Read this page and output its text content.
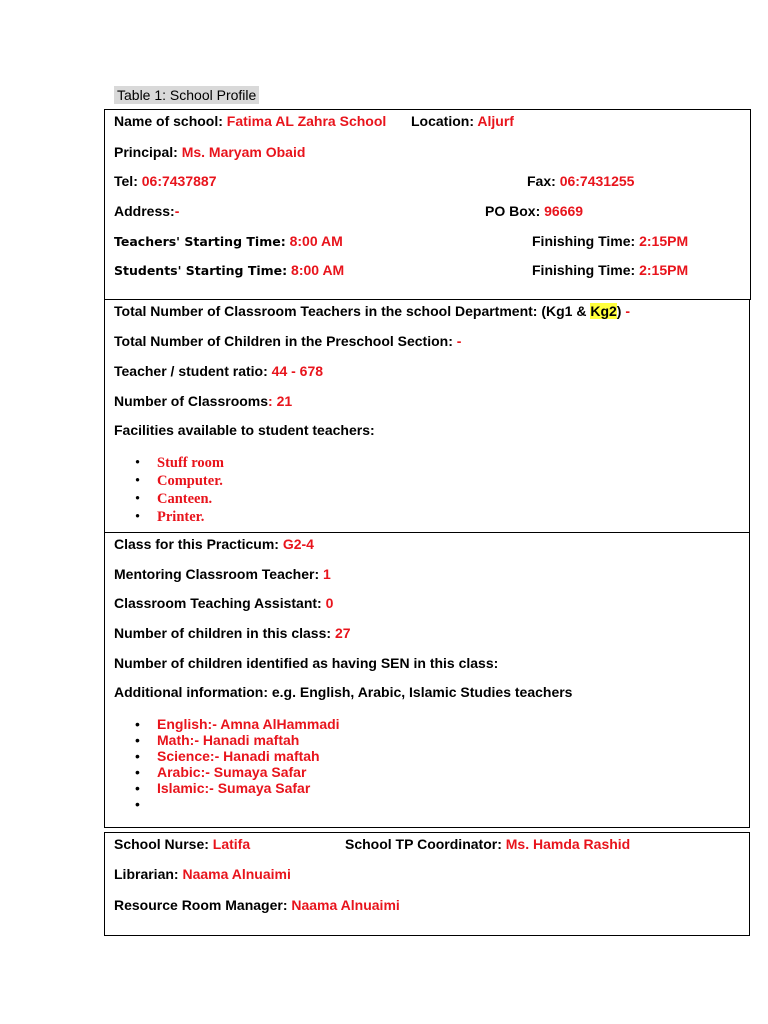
Table 1: School Profile
Name of school: Fatima AL Zahra School Location: Aljurf
Principal: Ms. Maryam Obaid
Tel: 06:7437887	Fax: 06:7431255
Address:-	PO Box: 96669
Teachers' Starting Time: 8:00 AM	Finishing Time: 2:15PM
Students' Starting Time: 8:00 AM	Finishing Time: 2:15PM
Total Number of Classroom Teachers in the school Department: (Kg1 & Kg2) -
Total Number of Children in the Preschool Section: -
Teacher / student ratio: 44 - 678
Number of Classrooms: 21
Facilities available to student teachers:
• Stuff room
• Computer.
• Canteen.
• Printer.
Class for this Practicum: G2-4
Mentoring Classroom Teacher: 1
Classroom Teaching Assistant: 0
Number of children in this class: 27
Number of children identified as having SEN in this class:
Additional information: e.g. English, Arabic, Islamic Studies teachers
• English:- Amna AlHammadi
• Math:- Hanadi maftah
• Science:- Hanadi maftah
• Arabic:- Sumaya Safar
• Islamic:- Sumaya Safar
•
School Nurse: Latifa	School TP Coordinator: Ms. Hamda Rashid
Librarian: Naama Alnuaimi
Resource Room Manager: Naama Alnuaimi
